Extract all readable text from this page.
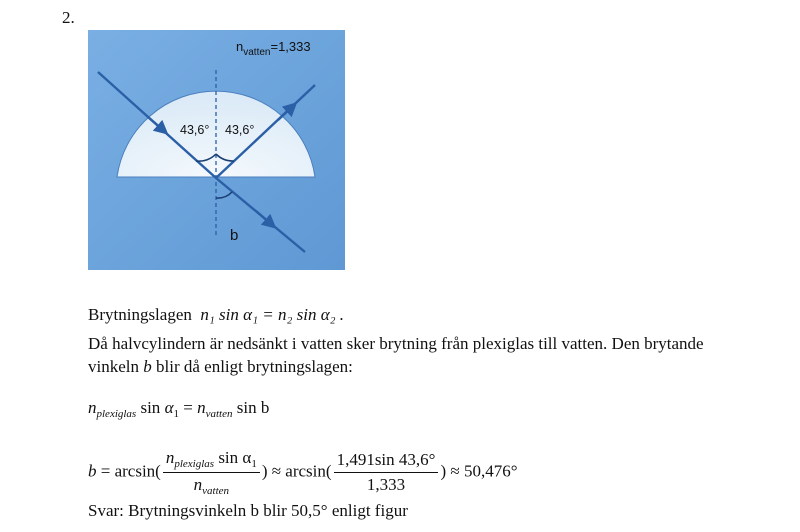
2.
$n_{vatten}=1,333$
43,6° 43,6°
b
Brytningslagen n₁ sin α₁ = n₂ sin α₂ .
Då halvcylindern är nedsänkt i vatten sker brytning från plexiglas till vatten. Den brytande
vinkeln b blir då enligt brytningslagen:
$n_{plexiglas}$ $\sin \alpha_1 = n_{vatten}$ sin b
$b = \arcsin( \frac{n_{plexiglas} \sin \alpha_1}{n_{vatten}}$ ) ≈ $\arcsin( \frac{1,491\sin 43,6^\circ}{1,333}$ ) ≈ 50,476°
Svar: Brytningsvinkeln b blir 50,5° enligt figur
